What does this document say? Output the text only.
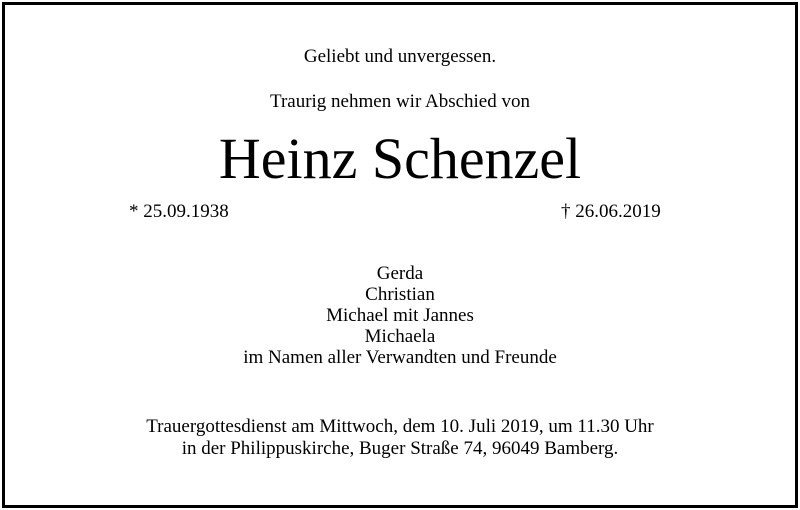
Geliebt und unvergessen.
Traurig nehmen wir Abschied von
Heinz Schenzel
* 25.09.1938	† 26.06.2019
Gerda
Christian
Michael mit Jannes
Michaela
im Namen aller Verwandten und Freunde
Trauergottesdienst am Mittwoch, dem 10. Juli 2019, um 11.30 Uhr
in der Philippuskirche, Buger Straße 74, 96049 Bamberg.
